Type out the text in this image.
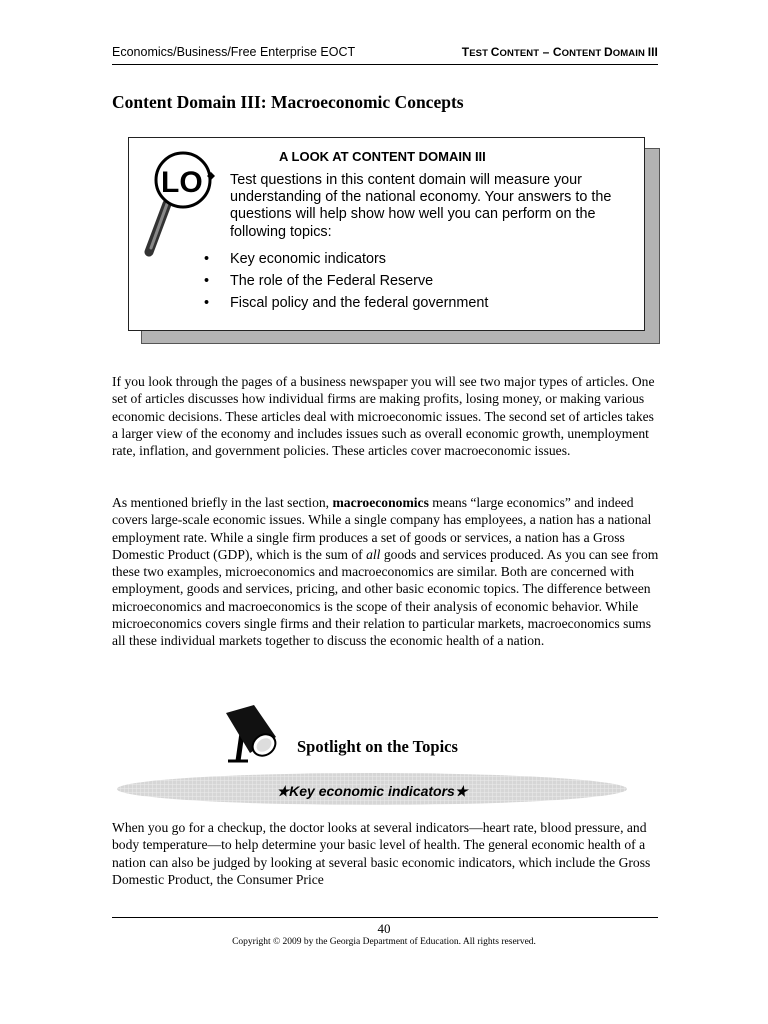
Economics/Business/Free Enterprise EOCT	TEST CONTENT – CONTENT DOMAIN III
Content Domain III: Macroeconomic Concepts
LO
A LOOK AT CONTENT DOMAIN III
Test questions in this content domain will measure your understanding of the national economy. Your answers to the questions will help show how well you can perform on the following topics:
• Key economic indicators
• The role of the Federal Reserve
• Fiscal policy and the federal government
If you look through the pages of a business newspaper you will see two major types of articles. One set of articles discusses how individual firms are making profits, losing money, or making various economic decisions. These articles deal with microeconomic issues. The second set of articles takes a larger view of the economy and includes issues such as overall economic growth, unemployment rate, inflation, and government policies. These articles cover macroeconomic issues.
As mentioned briefly in the last section, macroeconomics means “large economics” and indeed covers large-scale economic issues. While a single company has employees, a nation has a national employment rate. While a single firm produces a set of goods or services, a nation has a Gross Domestic Product (GDP), which is the sum of all goods and services produced. As you can see from these two examples, microeconomics and macroeconomics are similar. Both are concerned with employment, goods and services, pricing, and other basic economic topics. The difference between microeconomics and macroeconomics is the scope of their analysis of economic behavior. While microeconomics covers single firms and their relation to particular markets, macroeconomics sums all these individual markets together to discuss the economic health of a nation.
Spotlight on the Topics
★Key economic indicators★
When you go for a checkup, the doctor looks at several indicators—heart rate, blood pressure, and body temperature—to help determine your basic level of health. The general economic health of a nation can also be judged by looking at several basic economic indicators, which include the Gross Domestic Product, the Consumer Price
40
Copyright © 2009 by the Georgia Department of Education. All rights reserved.
